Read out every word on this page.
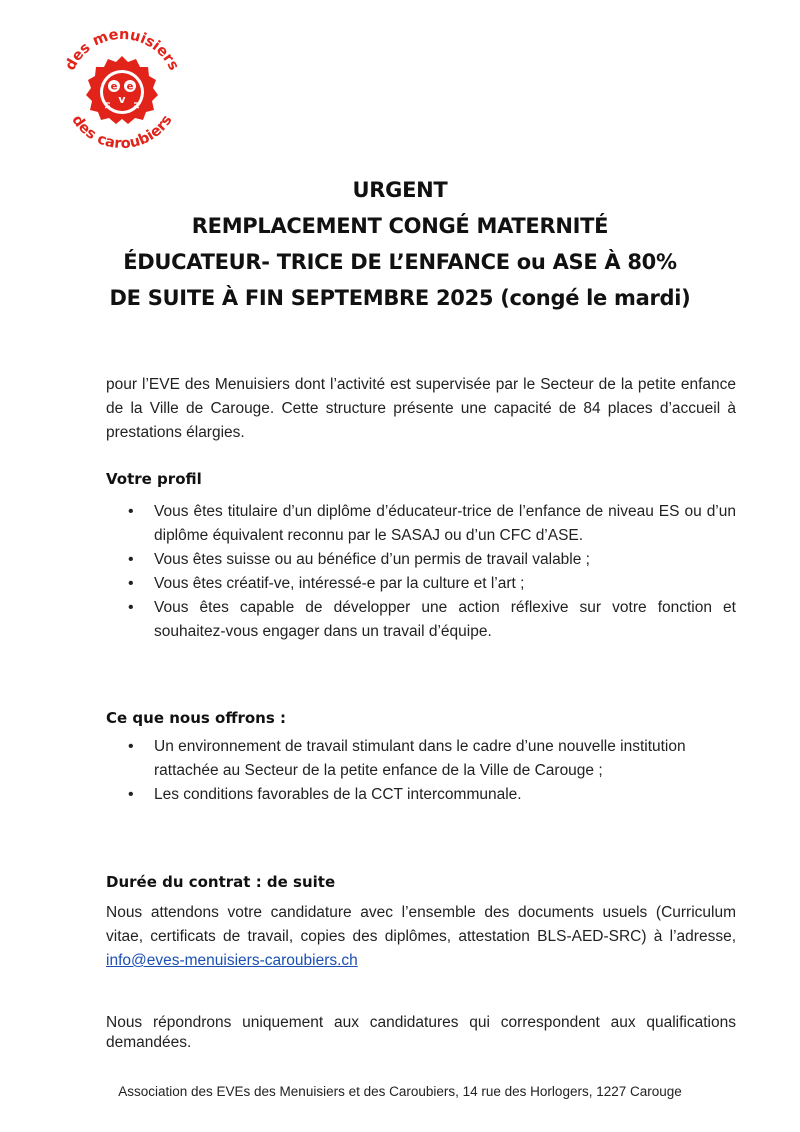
des menuisiers
des caroubiers
e e
v
URGENT
REMPLACEMENT CONGÉ MATERNITÉ
ÉDUCATEUR- TRICE DE L’ENFANCE ou ASE À 80%
DE SUITE À FIN SEPTEMBRE 2025 (congé le mardi)
pour l’EVE des Menuisiers dont l’activité est supervisée par le Secteur de la petite enfance de la Ville de Carouge. Cette structure présente une capacité de 84 places d’accueil à prestations élargies.
Votre profil
• Vous êtes titulaire d’un diplôme d’éducateur-trice de l’enfance de niveau ES ou d’un diplôme équivalent reconnu par le SASAJ ou d’un CFC d’ASE.
• Vous êtes suisse ou au bénéfice d’un permis de travail valable ;
• Vous êtes créatif-ve, intéressé-e par la culture et l’art ;
• Vous êtes capable de développer une action réflexive sur votre fonction et souhaitez-vous engager dans un travail d’équipe.
Ce que nous offrons :
• Un environnement de travail stimulant dans le cadre d’une nouvelle institution rattachée au Secteur de la petite enfance de la Ville de Carouge ;
• Les conditions favorables de la CCT intercommunale.
Durée du contrat : de suite
Nous attendons votre candidature avec l’ensemble des documents usuels (Curriculum vitae, certificats de travail, copies des diplômes, attestation BLS-AED-SRC) à l’adresse, info@eves-menuisiers-caroubiers.ch
Nous répondrons uniquement aux candidatures qui correspondent aux qualifications demandées.
Association des EVEs des Menuisiers et des Caroubiers, 14 rue des Horlogers, 1227 Carouge
